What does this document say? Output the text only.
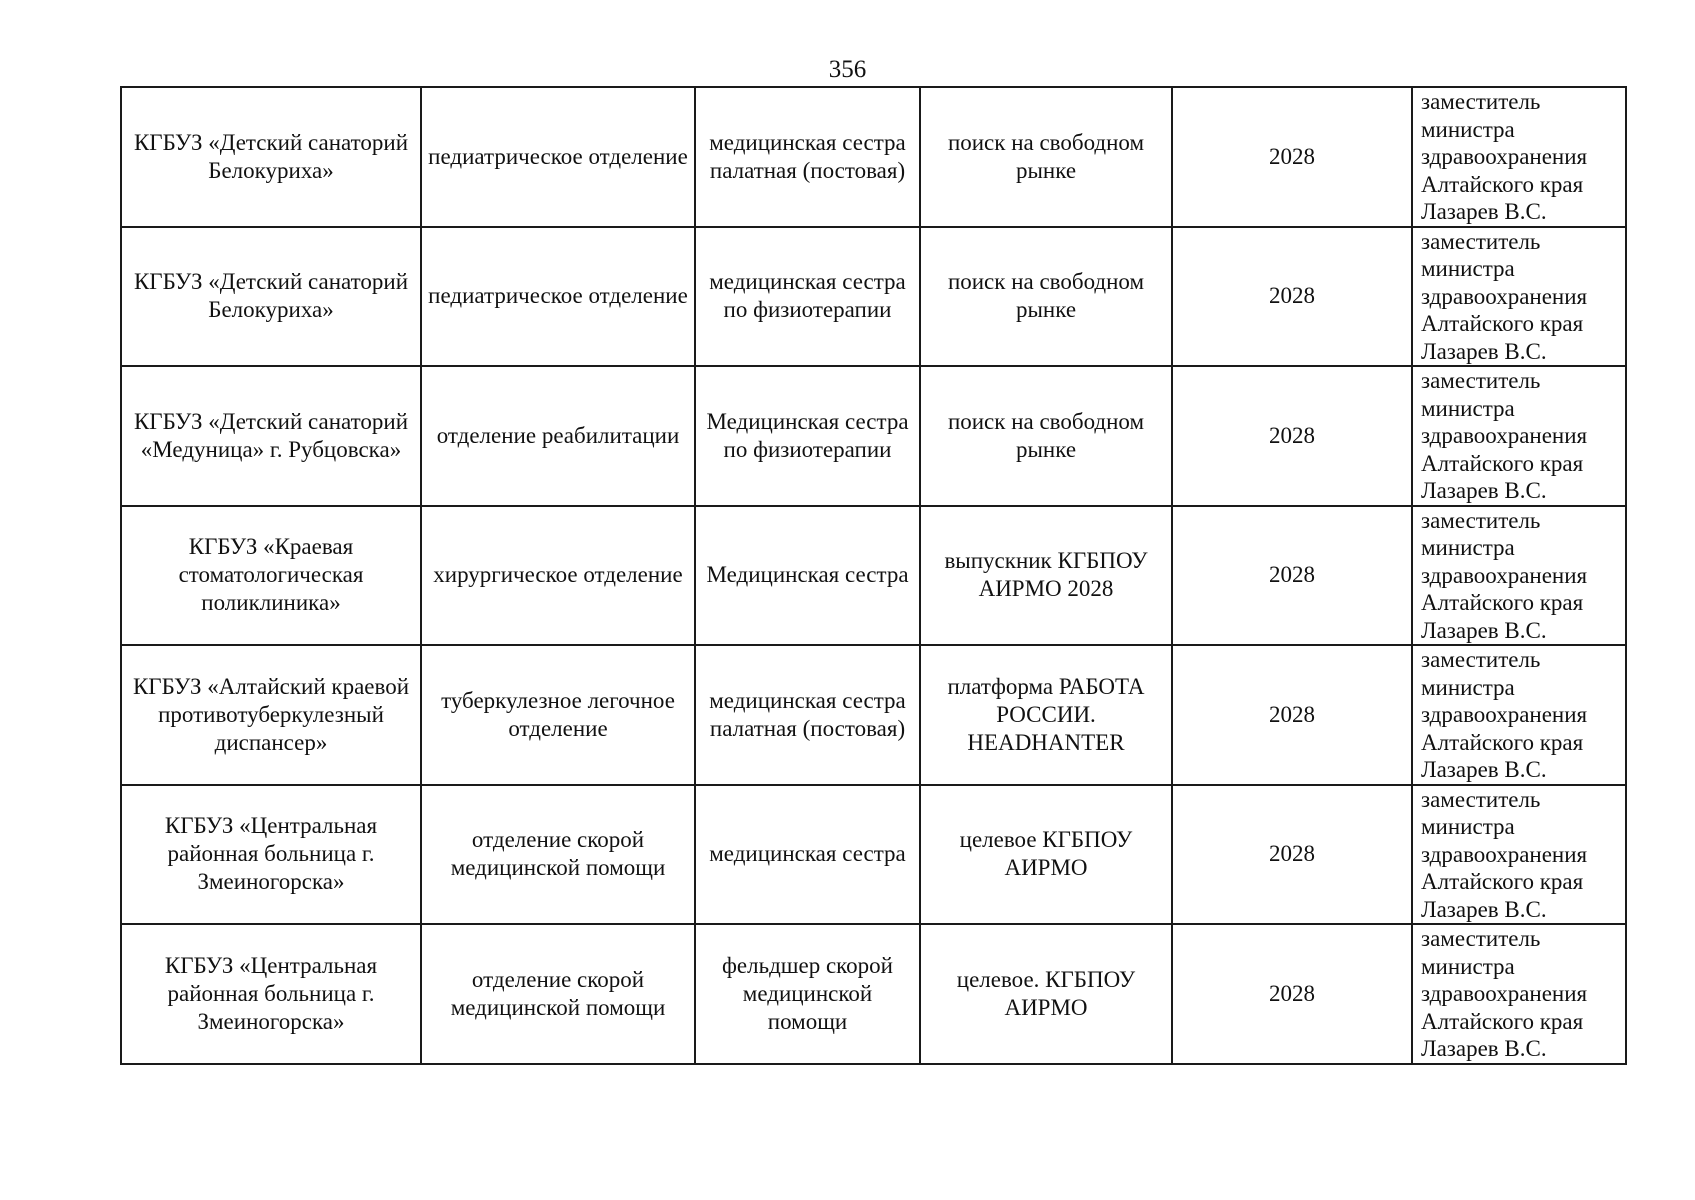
356
КГБУЗ «Детский санаторий Белокуриха»	педиатрическое отделение	медицинская сестра палатная (постовая)	поиск на свободном рынке	2028	заместитель
министра
здравоохранения
Алтайского края
Лазарев В.С.

КГБУЗ «Детский санаторий Белокуриха»	педиатрическое отделение	медицинская сестра по физиотерапии	поиск на свободном рынке	2028	заместитель
министра
здравоохранения
Алтайского края
Лазарев В.С.

КГБУЗ «Детский санаторий «Медуница» г. Рубцовска»	отделение реабилитации	Медицинская сестра по физиотерапии	поиск на свободном рынке	2028	заместитель
министра
здравоохранения
Алтайского края
Лазарев В.С.

КГБУЗ «Краевая стоматологическая поликлиника»	хирургическое отделение	Медицинская сестра	выпускник КГБПОУ АИРМО 2028	2028	заместитель
министра
здравоохранения
Алтайского края
Лазарев В.С.

КГБУЗ «Алтайский краевой противотуберкулезный диспансер»	туберкулезное легочное отделение	медицинская сестра палатная (постовая)	платформа РАБОТА РОССИИ. HEADHANTER	2028	заместитель
министра
здравоохранения
Алтайского края
Лазарев В.С.

КГБУЗ «Центральная районная больница г. Змеиногорска»	отделение скорой медицинской помощи	медицинская сестра	целевое КГБПОУ АИРМО	2028	заместитель
министра
здравоохранения
Алтайского края
Лазарев В.С.

КГБУЗ «Центральная районная больница г. Змеиногорска»	отделение скорой медицинской помощи	фельдшер скорой медицинской помощи	целевое. КГБПОУ АИРМО	2028	заместитель
министра
здравоохранения
Алтайского края
Лазарев В.С.
